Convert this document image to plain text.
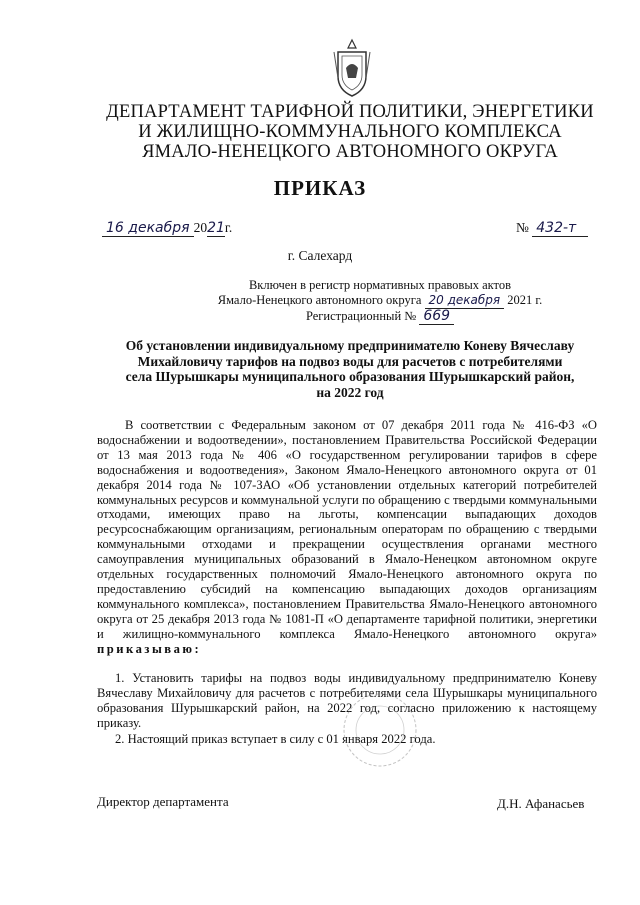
ДЕПАРТАМЕНТ ТАРИФНОЙ ПОЛИТИКИ, ЭНЕРГЕТИКИ
И ЖИЛИЩНО-КОММУНАЛЬНОГО КОМПЛЕКСА
ЯМАЛО-НЕНЕЦКОГО АВТОНОМНОГО ОКРУГА
ПРИКАЗ
16 декабря 2021г.	№ 432-т
г. Салехард
Включен в регистр нормативных правовых актов
Ямало-Ненецкого автономного округа 20 декабря 2021 г.
Регистрационный № 669
Об установлении индивидуальному предпринимателю Коневу Вячеславу
Михайловичу тарифов на подвоз воды для расчетов с потребителями
села Шурышкары муниципального образования Шурышкарский район,
на 2022 год

В соответствии с Федеральным законом от 07 декабря 2011 года № 416-ФЗ «О водоснабжении и водоотведении», постановлением Правительства Российской Федерации от 13 мая 2013 года № 406 «О государственном регулировании тарифов в сфере водоснабжения и водоотведения», Законом Ямало-Ненецкого автономного округа от 01 декабря 2014 года № 107-ЗАО «Об установлении отдельных категорий потребителей коммунальных ресурсов и коммунальной услуги по обращению с твердыми коммунальными отходами, имеющих право на льготы, компенсации выпадающих доходов ресурсоснабжающим организациям, региональным операторам по обращению с твердыми коммунальными отходами и прекращении осуществления органами местного самоуправления муниципальных образований в Ямало-Ненецком автономном округе отдельных государственных полномочий Ямало-Ненецкого автономного округа по предоставлению субсидий на компенсацию выпадающих доходов организациям коммунального комплекса», постановлением Правительства Ямало-Ненецкого автономного округа от 25 декабря 2013 года № 1081-П «О департаменте тарифной политики, энергетики и жилищно-коммунального комплекса Ямало-Ненецкого автономного округа» приказываю:

1. Установить тарифы на подвоз воды индивидуальному предпринимателю Коневу Вячеславу Михайловичу для расчетов с потребителями села Шурышкары муниципального образования Шурышкарский район, на 2022 год, согласно приложению к настоящему приказу.

2. Настоящий приказ вступает в силу с 01 января 2022 года.

Директор департамента	Д.Н. Афанасьев
